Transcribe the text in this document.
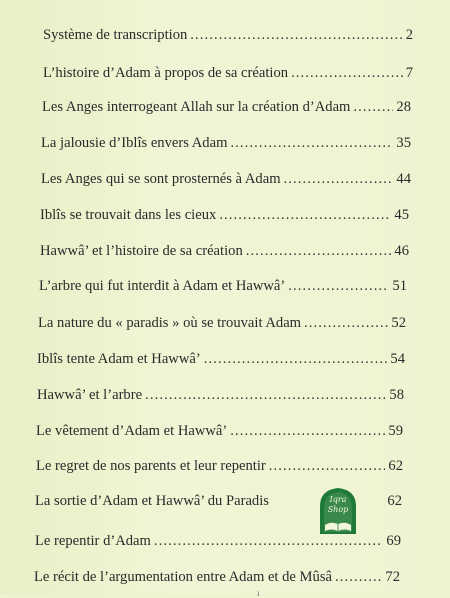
Système de transcription .....	2
L’histoire d’Adam à propos de sa création .....	7
Les Anges interrogeant Allah sur la création d’Adam .....	28
La jalousie d’Iblîs envers Adam .....	35
Les Anges qui se sont prosternés à Adam .....	44
Iblîs se trouvait dans les cieux .....	45
Hawwâ’ et l’histoire de sa création .....	46
L’arbre qui fut interdit à Adam et Hawwâ’ .....	51
La nature du « paradis » où se trouvait Adam .....	52
Iblîs tente Adam et Hawwâ’ .....	54
Hawwâ’ et l’arbre .....	58
Le vêtement d’Adam et Hawwâ’ .....	59
Le regret de nos parents et leur repentir .....	62
La sortie d’Adam et Hawwâ’ du Paradis	62
Le repentir d’Adam .....	69
Le récit de l’argumentation entre Adam et de Mûsâ .....	72
Iqra
Shop
ı
